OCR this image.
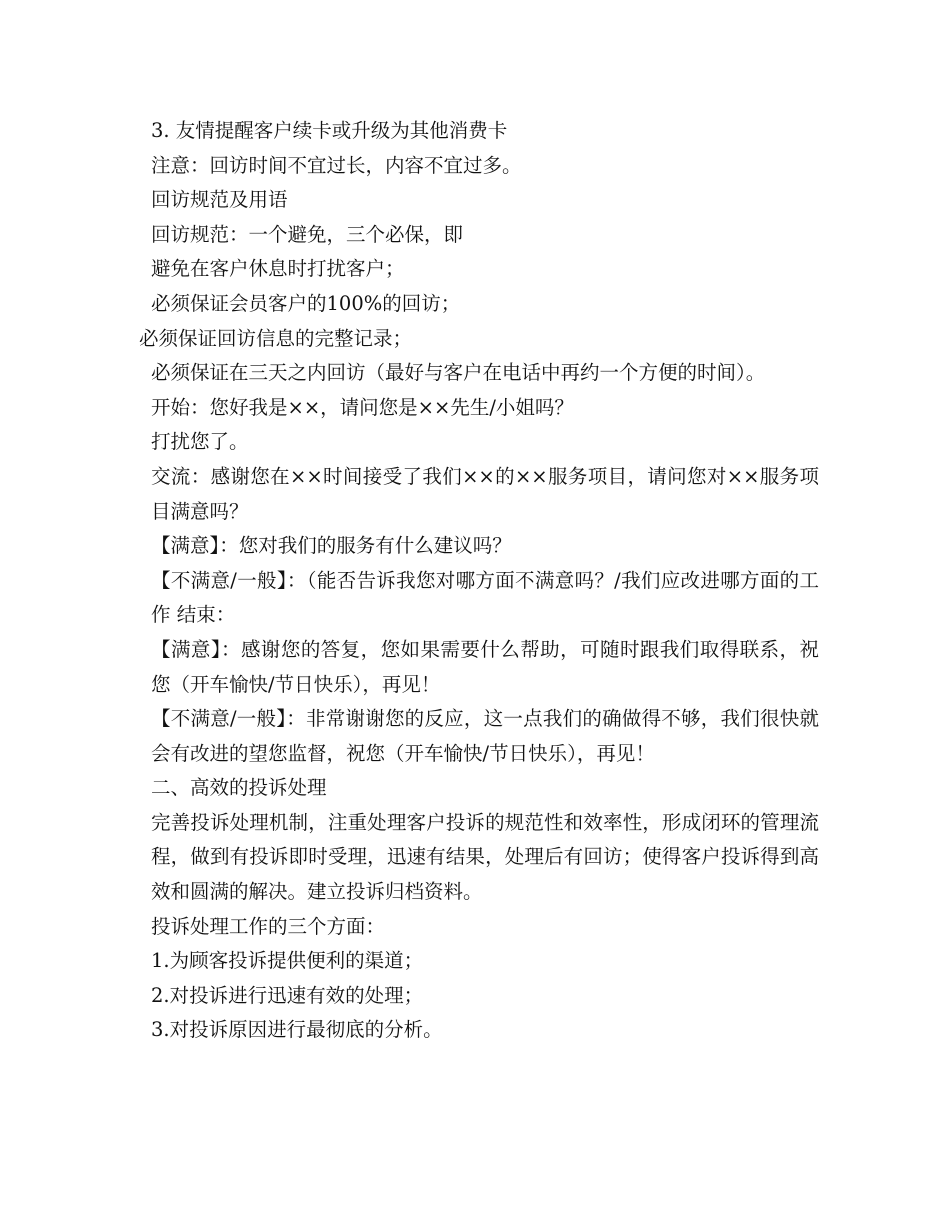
3. 友情提醒客户续卡或升级为其他消费卡

注意：回访时间不宜过长，内容不宜过多。

回访规范及用语

回访规范：一个避免，三个必保，即

避免在客户休息时打扰客户；

必须保证会员客户的100%的回访；

必须保证回访信息的完整记录；

必须保证在三天之内回访（最好与客户在电话中再约一个方便的时间）。

开始：您好我是××，请问您是××先生/小姐吗？

打扰您了。

交流：感谢您在××时间接受了我们××的××服务项目，请问您对××服务项目满意吗？

【满意】：您对我们的服务有什么建议吗？

【不满意/一般】：（能否告诉我您对哪方面不满意吗？/我们应改进哪方面的工作 结束：

【满意】：感谢您的答复，您如果需要什么帮助，可随时跟我们取得联系，祝您（开车愉快/节日快乐），再见！

【不满意/一般】：非常谢谢您的反应，这一点我们的确做得不够，我们很快就会有改进的望您监督，祝您（开车愉快/节日快乐），再见！

二、高效的投诉处理

完善投诉处理机制，注重处理客户投诉的规范性和效率性，形成闭环的管理流程，做到有投诉即时受理，迅速有结果，处理后有回访；使得客户投诉得到高效和圆满的解决。建立投诉归档资料。

投诉处理工作的三个方面：

1.为顾客投诉提供便利的渠道；

2.对投诉进行迅速有效的处理；

3.对投诉原因进行最彻底的分析。
